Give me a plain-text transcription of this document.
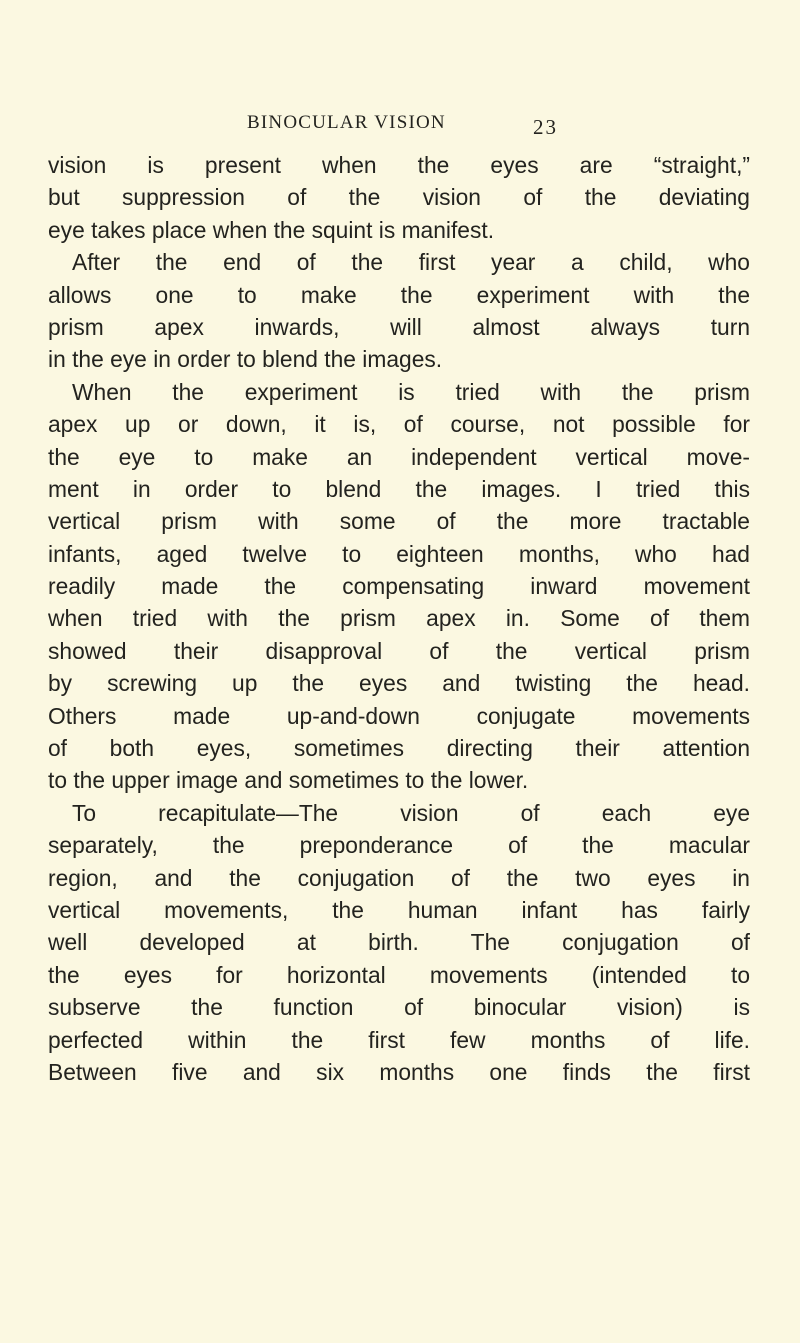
BINOCULAR VISION	23
vision is present when the eyes are “straight,”
but suppression of the vision of the deviating
eye takes place when the squint is manifest.
After the end of the first year a child, who
allows one to make the experiment with the
prism apex inwards, will almost always turn
in the eye in order to blend the images.
When the experiment is tried with the prism
apex up or down, it is, of course, not possible for
the eye to make an independent vertical move-
ment in order to blend the images. I tried this
vertical prism with some of the more tractable
infants, aged twelve to eighteen months, who had
readily made the compensating inward movement
when tried with the prism apex in. Some of them
showed their disapproval of the vertical prism
by screwing up the eyes and twisting the head.
Others made up-and-down conjugate movements
of both eyes, sometimes directing their attention
to the upper image and sometimes to the lower.
To recapitulate—The vision of each eye
separately, the preponderance of the macular
region, and the conjugation of the two eyes in
vertical movements, the human infant has fairly
well developed at birth. The conjugation of
the eyes for horizontal movements (intended to
subserve the function of binocular vision) is
perfected within the first few months of life.
Between five and six months one finds the first
